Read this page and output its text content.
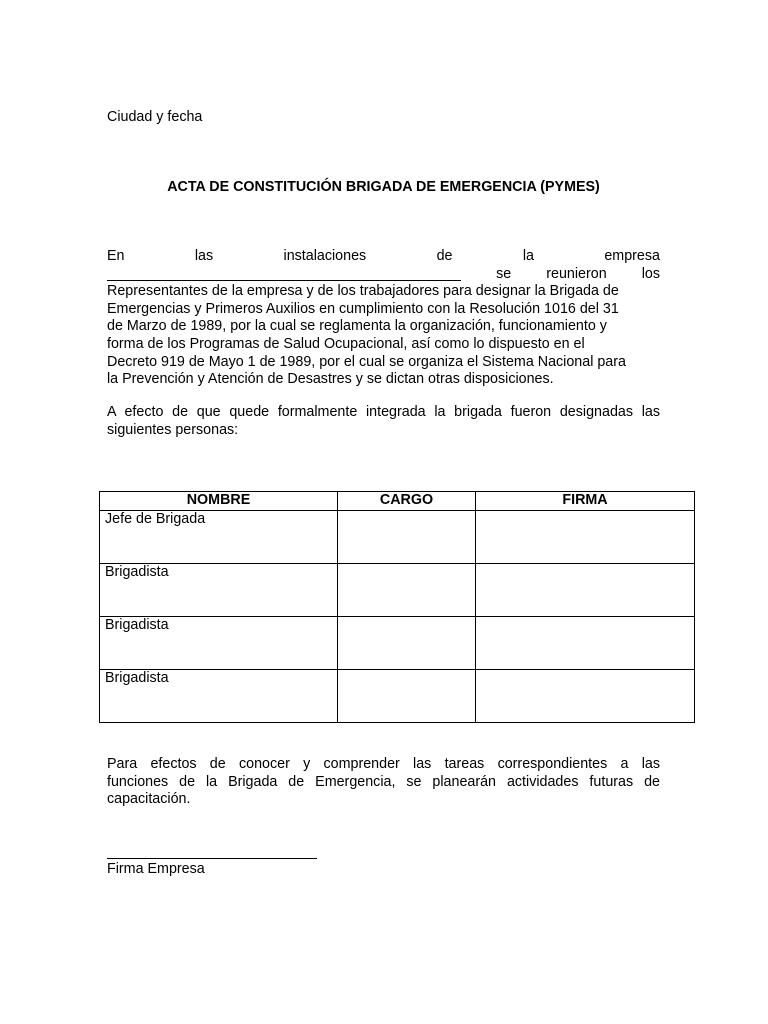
Ciudad y fecha
ACTA DE CONSTITUCIÓN BRIGADA DE EMERGENCIA (PYMES)
En	las	instalaciones	de	la	empresa
se reunieron los
Representantes de la empresa y de los trabajadores para designar la Brigada de
Emergencias y Primeros Auxilios en cumplimiento con la Resolución 1016 del 31
de Marzo de 1989, por la cual se reglamenta la organización, funcionamiento y
forma de los Programas de Salud Ocupacional, así como lo dispuesto en el
Decreto 919 de Mayo 1 de 1989, por el cual se organiza el Sistema Nacional para
la Prevención y Atención de Desastres y se dictan otras disposiciones.
A efecto de que quede formalmente integrada la brigada fueron designadas las
siguientes personas:
NOMBRE	CARGO	FIRMA
Jefe de Brigada		
Brigadista		
Brigadista		
Brigadista		
Para efectos de conocer y comprender las tareas correspondientes a las
funciones de la Brigada de Emergencia, se planearán actividades futuras de
capacitación.
Firma Empresa
